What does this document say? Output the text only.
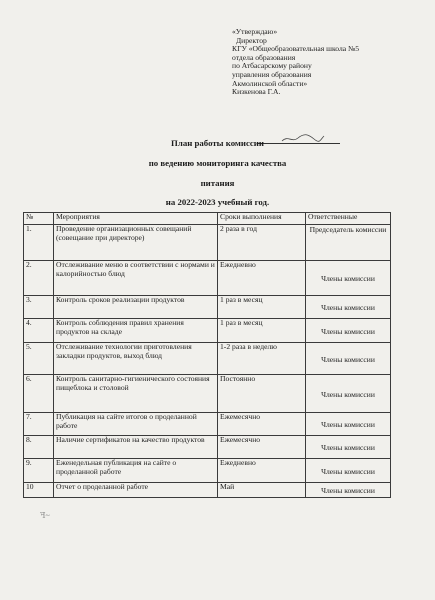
«Утверждаю»
Директор
КГУ «Общеобразовательная школа №5
отдела образования
по Атбасарскому району
управления образования
Акмолинской области»
Кизкенова Г.А.
План работы комиссии
по ведению мониторинга качества
питания
на 2022-2023 учебный год.
№	Мероприятия	Сроки выполнения	Ответственные
1.	Проведение организационных совещаний (совещание при директоре)	2 раза в год	Председатель комиссии
2.	Отслеживание меню в соответствии с нормами и калорийностью блюд	Ежедневно	Члены комиссии
3.	Контроль сроков реализации продуктов	1 раз в месяц	Члены комиссии
4.	Контроль соблюдения правил хранения продуктов на складе	1 раз в месяц	Члены комиссии
5.	Отслеживание технологии приготовления закладки продуктов, выход блюд	1-2 раза в неделю	Члены комиссии
6.	Контроль санитарно-гигиенического состояния пищеблока и столовой	Постоянно	Члены комиссии
7.	Публикация на сайте итогов о проделанной работе	Ежемесячно	Члены комиссии
8.	Наличие сертификатов на качество продуктов	Ежемесячно	Члены комиссии
9.	Еженедельная публикация на сайте о проделанной работе	Ежедневно	Члены комиссии
10	Отчет о проделанной работе	Май	Члены комиссии
ꟻ~
